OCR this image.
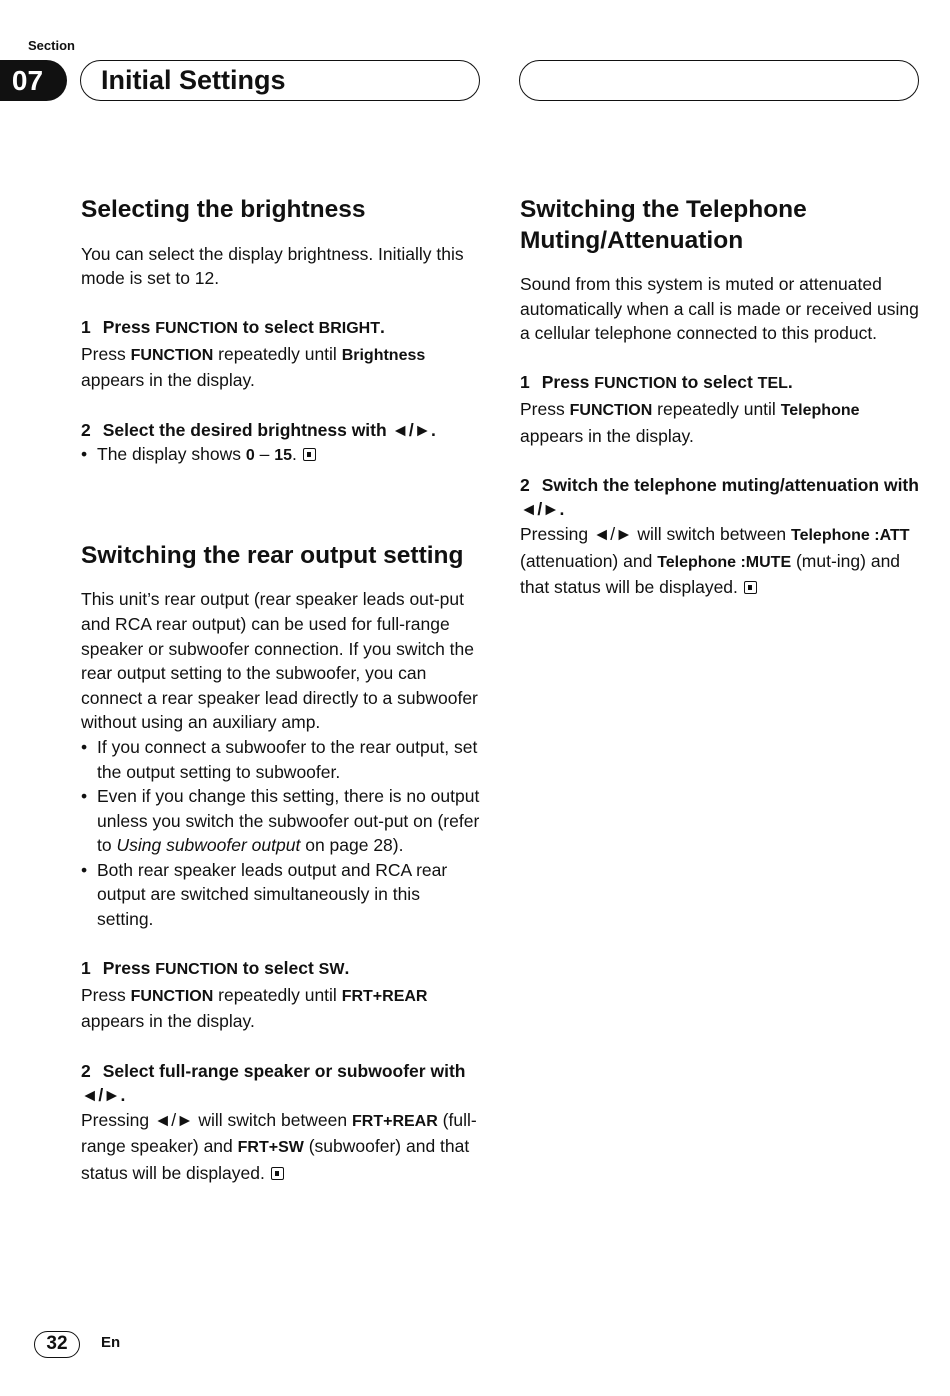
Section
07	Initial Settings
Selecting the brightness

You can select the display brightness. Initially this mode is set to 12.

1 Press FUNCTION to select BRIGHT.

Press FUNCTION repeatedly until Brightness appears in the display.

2 Select the desired brightness with ◄/►.

• The display shows 0 – 15.

Switching the rear output setting

This unit’s rear output (rear speaker leads out-put and RCA rear output) can be used for full-range speaker or subwoofer connection. If you switch the rear output setting to the subwoofer, you can connect a rear speaker lead directly to a subwoofer without using an auxiliary amp.

• If you connect a subwoofer to the rear output, set the output setting to subwoofer.

• Even if you change this setting, there is no output unless you switch the subwoofer out-put on (refer to Using subwoofer output on page 28).

• Both rear speaker leads output and RCA rear output are switched simultaneously in this setting.

1 Press FUNCTION to select SW.

Press FUNCTION repeatedly until FRT+REAR appears in the display.

2 Select full-range speaker or subwoofer with ◄/►.

Pressing ◄/► will switch between FRT+REAR (full-range speaker) and FRT+SW (subwoofer) and that status will be displayed.

Switching the Telephone Muting/Attenuation

Sound from this system is muted or attenuated automatically when a call is made or received using a cellular telephone connected to this product.

1 Press FUNCTION to select TEL.

Press FUNCTION repeatedly until Telephone appears in the display.

2 Switch the telephone muting/attenuation with ◄/►.

Pressing ◄/► will switch between Telephone :ATT (attenuation) and Telephone :MUTE (mut-ing) and that status will be displayed.

32	En
